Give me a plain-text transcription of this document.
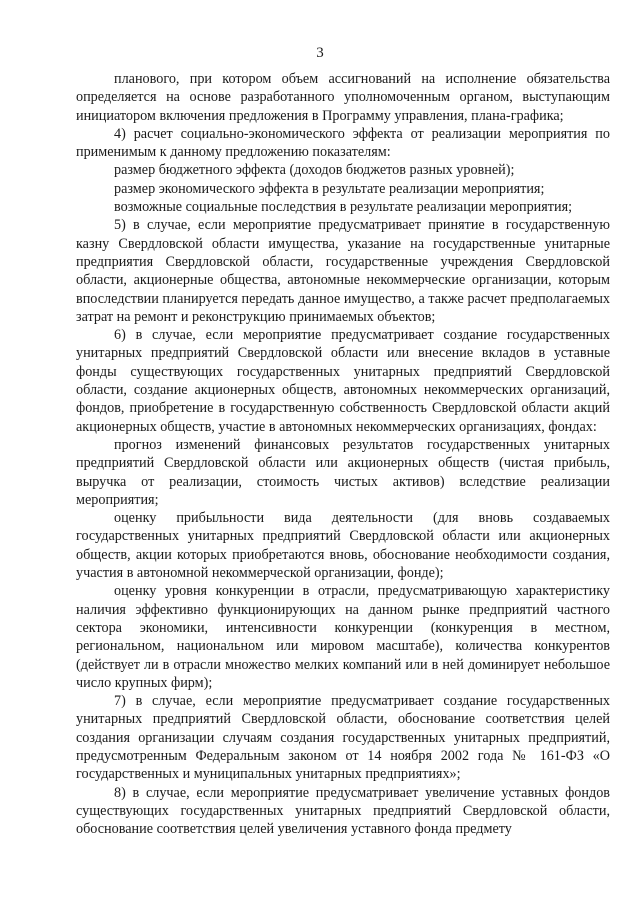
3

планового, при котором объем ассигнований на исполнение обязательства определяется на основе разработанного уполномоченным органом, выступающим инициатором включения предложения в Программу управления, плана-графика;

4) расчет социально-экономического эффекта от реализации мероприятия по применимым к данному предложению показателям:

размер бюджетного эффекта (доходов бюджетов разных уровней);

размер экономического эффекта в результате реализации мероприятия;

возможные социальные последствия в результате реализации мероприятия;

5) в случае, если мероприятие предусматривает принятие в государственную казну Свердловской области имущества, указание на государственные унитарные предприятия Свердловской области, государственные учреждения Свердловской области, акционерные общества, автономные некоммерческие организации, которым впоследствии планируется передать данное имущество, а также расчет предполагаемых затрат на ремонт и реконструкцию принимаемых объектов;

6) в случае, если мероприятие предусматривает создание государственных унитарных предприятий Свердловской области или внесение вкладов в уставные фонды существующих государственных унитарных предприятий Свердловской области, создание акционерных обществ, автономных некоммерческих организаций, фондов, приобретение в государственную собственность Свердловской области акций акционерных обществ, участие в автономных некоммерческих организациях, фондах:

прогноз изменений финансовых результатов государственных унитарных предприятий Свердловской области или акционерных обществ (чистая прибыль, выручка от реализации, стоимость чистых активов) вследствие реализации мероприятия;

оценку прибыльности вида деятельности (для вновь создаваемых государственных унитарных предприятий Свердловской области или акционерных обществ, акции которых приобретаются вновь, обоснование необходимости создания, участия в автономной некоммерческой организации, фонде);

оценку уровня конкуренции в отрасли, предусматривающую характеристику наличия эффективно функционирующих на данном рынке предприятий частного сектора экономики, интенсивности конкуренции (конкуренция в местном, региональном, национальном или мировом масштабе), количества конкурентов (действует ли в отрасли множество мелких компаний или в ней доминирует небольшое число крупных фирм);

7) в случае, если мероприятие предусматривает создание государственных унитарных предприятий Свердловской области, обоснование соответствия целей создания организации случаям создания государственных унитарных предприятий, предусмотренным Федеральным законом от 14 ноября 2002 года № 161-ФЗ «О государственных и муниципальных унитарных предприятиях»;

8) в случае, если мероприятие предусматривает увеличение уставных фондов существующих государственных унитарных предприятий Свердловской области, обоснование соответствия целей увеличения уставного фонда предмету
